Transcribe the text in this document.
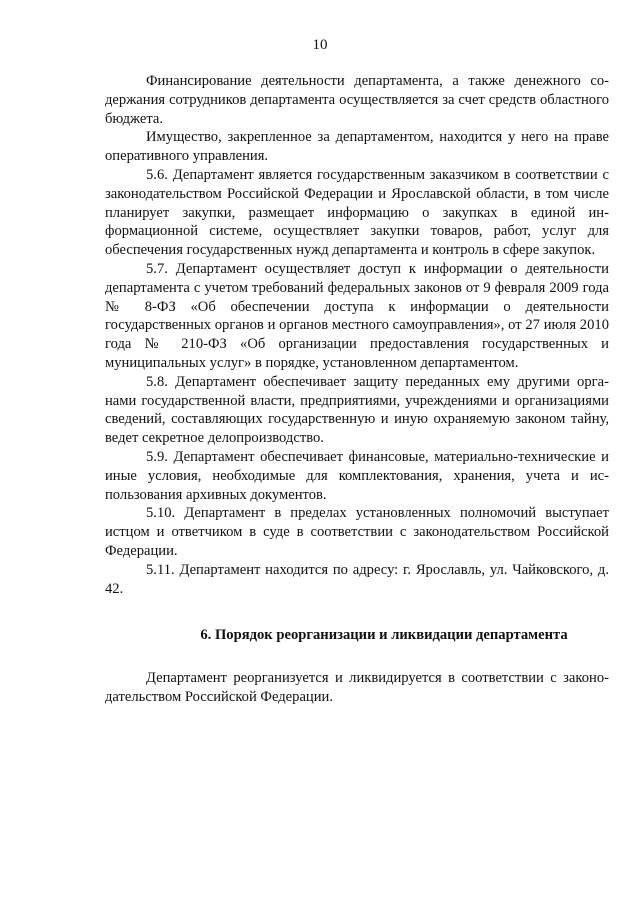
10

Финансирование деятельности департамента, а также денежного содержания сотрудников департамента осуществляется за счет средств областного бюджета.

Имущество, закрепленное за департаментом, находится у него на праве оперативного управления.

5.6. Департамент является государственным заказчиком в соответствии с законодательством Российской Федерации и Ярославской области, в том числе планирует закупки, размещает информацию о закупках в единой информационной системе, осуществляет закупки товаров, работ, услуг для обеспечения государственных нужд департамента и контроль в сфере закупок.

5.7. Департамент осуществляет доступ к информации о деятельности департамента с учетом требований федеральных законов от 9 февраля 2009 года № 8-ФЗ «Об обеспечении доступа к информации о деятельности государственных органов и органов местного самоуправления», от 27 июля 2010 года № 210-ФЗ «Об организации предоставления государственных и муниципальных услуг» в порядке, установленном департаментом.

5.8. Департамент обеспечивает защиту переданных ему другими органами государственной власти, предприятиями, учреждениями и организациями сведений, составляющих государственную и иную охраняемую законом тайну, ведет секретное делопроизводство.

5.9. Департамент обеспечивает финансовые, материально-технические и иные условия, необходимые для комплектования, хранения, учета и использования архивных документов.

5.10. Департамент в пределах установленных полномочий выступает истцом и ответчиком в суде в соответствии с законодательством Российской Федерации.

5.11. Департамент находится по адресу: г. Ярославль, ул. Чайковского, д. 42.

6. Порядок реорганизации и ликвидации департамента

Департамент реорганизуется и ликвидируется в соответствии с законодательством Российской Федерации.
